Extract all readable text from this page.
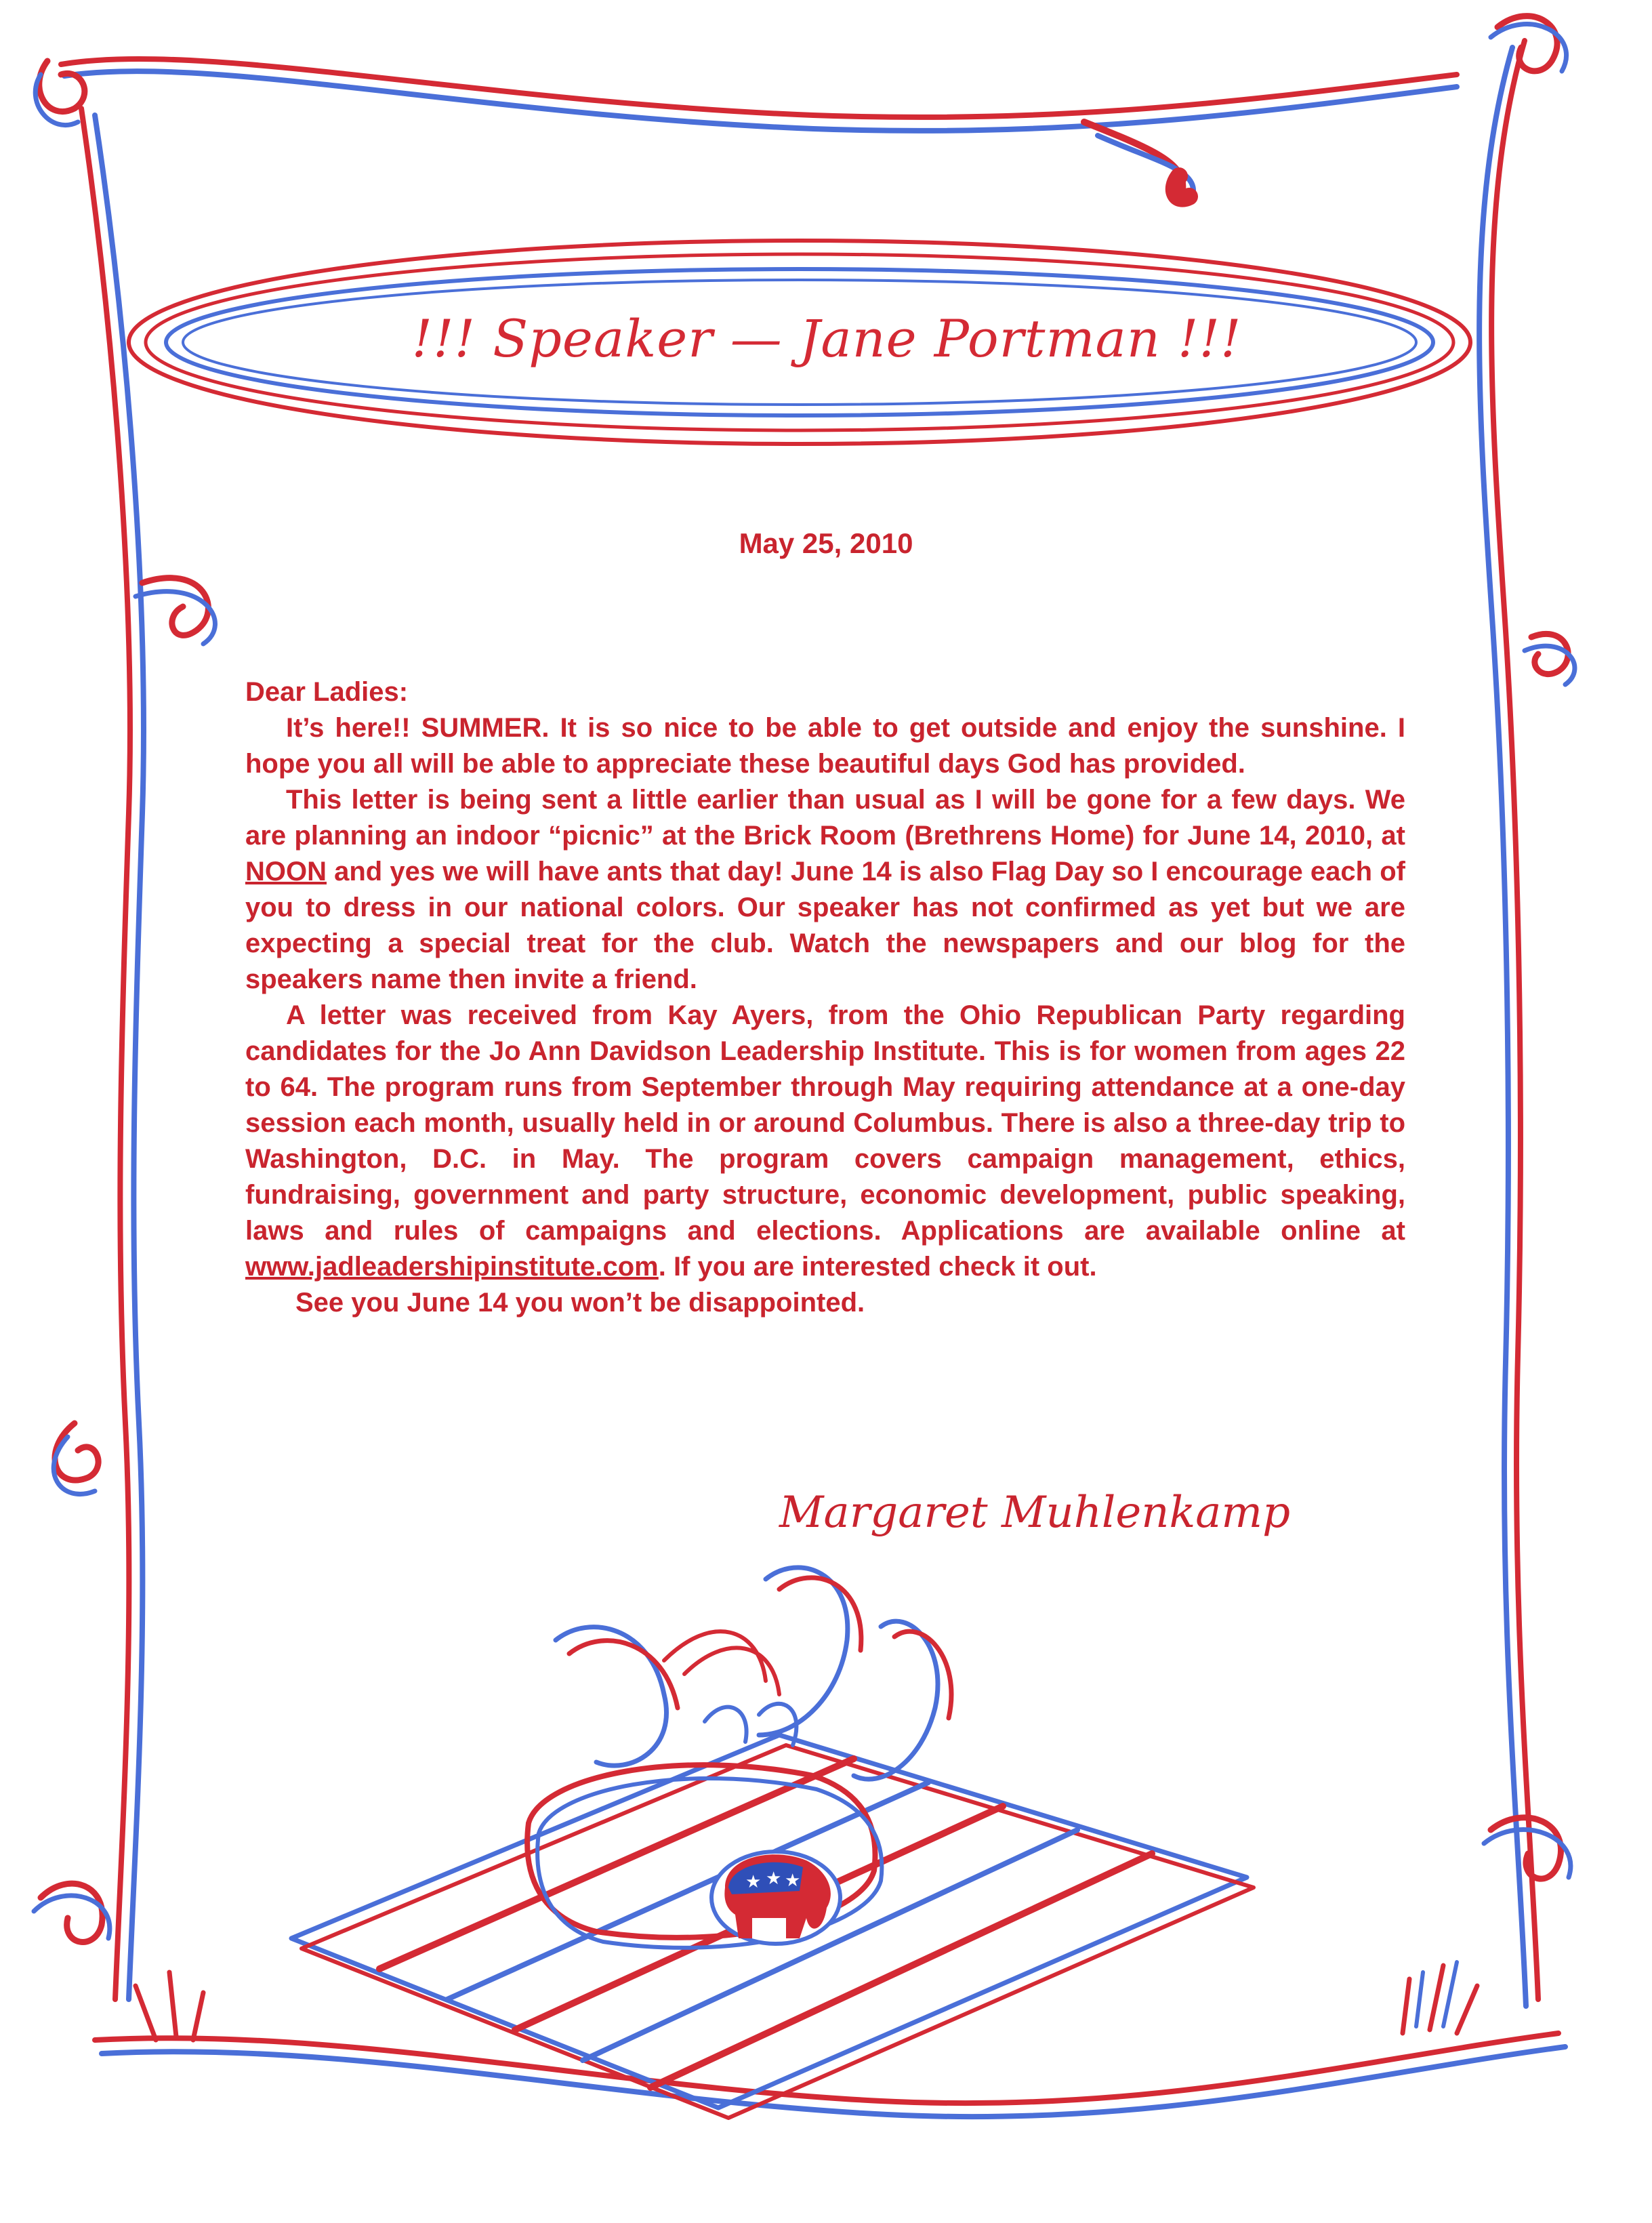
★ ★ ★
!!! Speaker — Jane Portman !!!
May 25, 2010

Dear Ladies:

It’s here!! SUMMER. It is so nice to be able to get outside and enjoy the sunshine. I hope you all will be able to appreciate these beautiful days God has provided.

This letter is being sent a little earlier than usual as I will be gone for a few days. We are planning an indoor “picnic” at the Brick Room (Brethrens Home) for June 14, 2010, at NOON and yes we will have ants that day! June 14 is also Flag Day so I encourage each of you to dress in our national colors. Our speaker has not confirmed as yet but we are expecting a special treat for the club. Watch the newspapers and our blog for the speakers name then invite a friend.

A letter was received from Kay Ayers, from the Ohio Republican Party regarding candidates for the Jo Ann Davidson Leadership Institute. This is for women from ages 22 to 64. The program runs from September through May requiring attendance at a one-day session each month, usually held in or around Columbus. There is also a three-day trip to Washington, D.C. in May. The program covers campaign management, ethics, fundraising, government and party structure, economic development, public speaking, laws and rules of campaigns and elections. Applications are available online at www.jadleadershipinstitute.com. If you are interested check it out.

See you June 14 you won’t be disappointed.

Margaret Muhlenkamp
